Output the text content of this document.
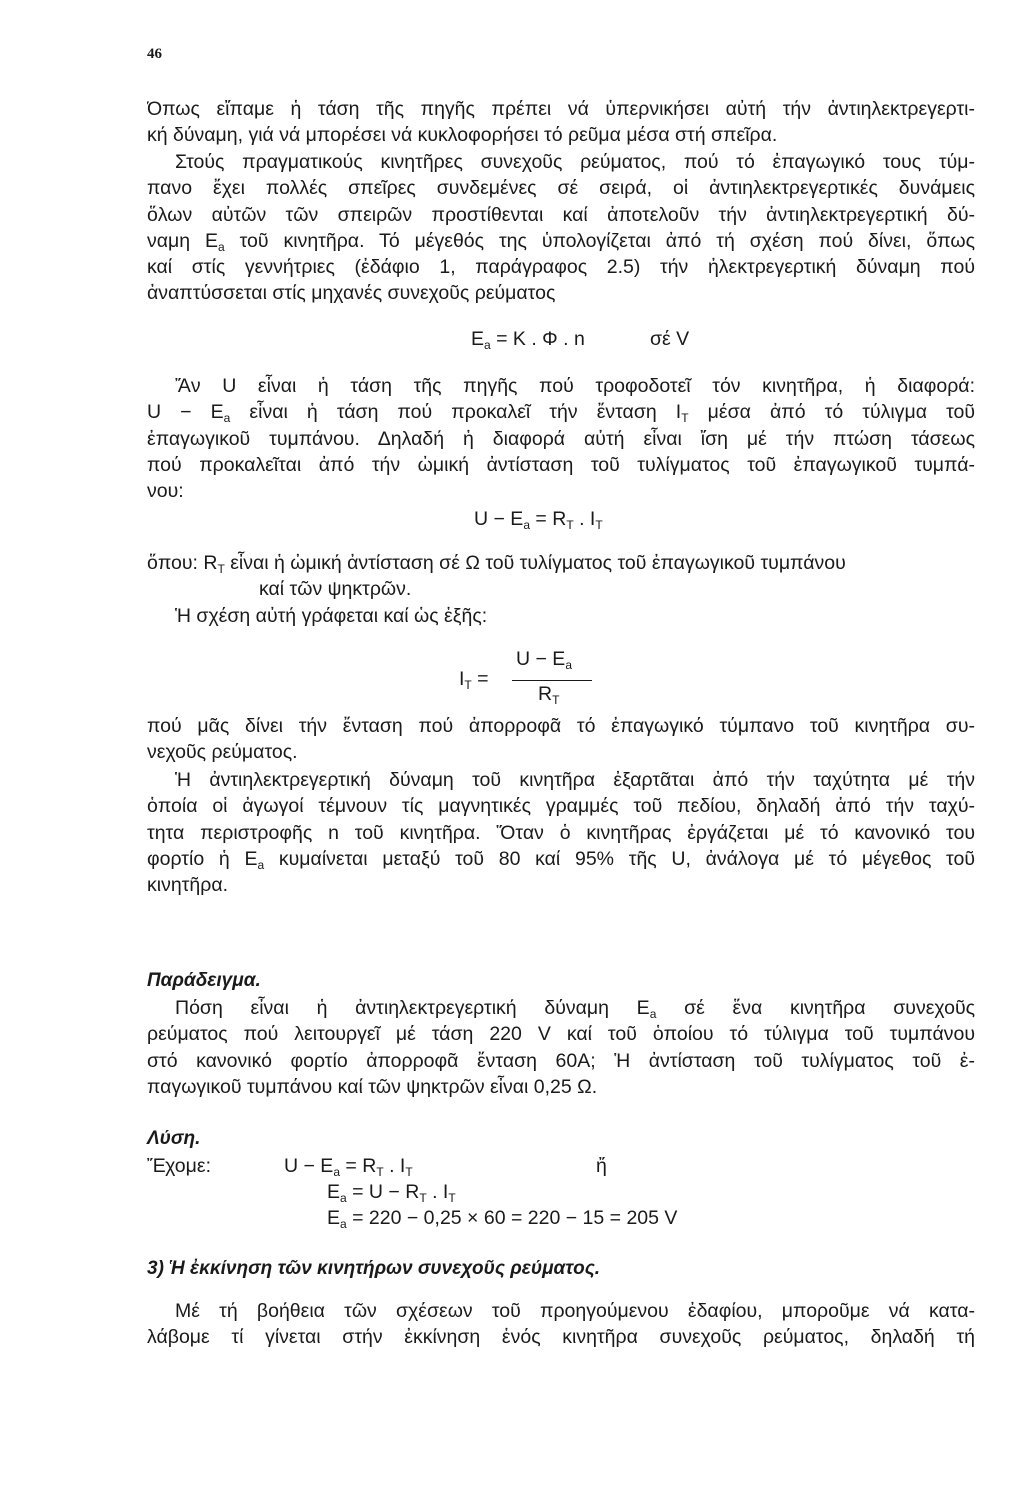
46
Όπως εἴπαμε ἡ τάση τῆς πηγῆς πρέπει νά ὑπερνικήσει αὐτή τήν ἀντιηλεκτρεγερτι-
κή δύναμη, γιά νά μπορέσει νά κυκλοφορήσει τό ρεῦμα μέσα στή σπεῖρα.
Στούς πραγματικούς κινητῆρες συνεχοῦς ρεύματος, πού τό ἐπαγωγικό τους τύμ-
πανο ἔχει πολλές σπεῖρες συνδεμένες σέ σειρά, οἱ ἀντιηλεκτρεγερτικές δυνάμεις
ὅλων αὐτῶν τῶν σπειρῶν προστίθενται καί ἀποτελοῦν τήν ἀντιηλεκτρεγερτική δύ-
ναμη $E_a$ τοῦ κινητῆρα. Τό μέγεθός της ὑπολογίζεται ἀπό τή σχέση πού δίνει, ὅπως
καί στίς γεννήτριες (ἐδάφιο 1, παράγραφος 2.5) τήν ἠλεκτρεγερτική δύναμη πού
ἀναπτύσσεται στίς μηχανές συνεχοῦς ρεύματος
$E_a = K$ . Φ . n	σέ V
Ἄν U εἶναι ἡ τάση τῆς πηγῆς πού τροφοδοτεῖ τόν κινητῆρα, ἡ διαφορά:
$U - E_a$ εἶναι ἡ τάση πού προκαλεῖ τήν ἔνταση $I_T$ μέσα ἀπό τό τύλιγμα τοῦ
ἐπαγωγικοῦ τυμπάνου. Δηλαδή ἡ διαφορά αὐτή εἶναι ἴση μέ τήν πτώση τάσεως
πού προκαλεῖται ἀπό τήν ὠμική ἀντίσταση τοῦ τυλίγματος τοῦ ἐπαγωγικοῦ τυμπά-
νου:
$U - E_a = R_T$ . $I_T$
ὅπου: $R_T$ εἶναι ἡ ὠμική ἀντίσταση σέ Ω τοῦ τυλίγματος τοῦ ἐπαγωγικοῦ τυμπάνου
καί τῶν ψηκτρῶν.
Ἡ σχέση αὐτή γράφεται καί ὡς ἑξῆς:
$I_T$ =
$U - E_a$
$R_T$
πού μᾶς δίνει τήν ἔνταση πού ἀπορροφᾶ τό ἐπαγωγικό τύμπανο τοῦ κινητῆρα συ-
νεχοῦς ρεύματος.
Ἡ ἀντιηλεκτρεγερτική δύναμη τοῦ κινητῆρα ἐξαρτᾶται ἀπό τήν ταχύτητα μέ τήν
ὁποία οἱ ἀγωγοί τέμνουν τίς μαγνητικές γραμμές τοῦ πεδίου, δηλαδή ἀπό τήν ταχύ-
τητα περιστροφῆς n τοῦ κινητῆρα. Ὅταν ὁ κινητῆρας ἐργάζεται μέ τό κανονικό του
φορτίο ἡ $E_a$ κυμαίνεται μεταξύ τοῦ 80 καί 95% τῆς U, ἀνάλογα μέ τό μέγεθος τοῦ
κινητῆρα.
Παράδειγμα.
Πόση εἶναι ἡ ἀντιηλεκτρεγερτική δύναμη $E_a$ σέ ἕνα κινητῆρα συνεχοῦς
ρεύματος πού λειτουργεῖ μέ τάση 220 V καί τοῦ ὁποίου τό τύλιγμα τοῦ τυμπάνου
στό κανονικό φορτίο ἀπορροφᾶ ἔνταση 60A; Ἡ ἀντίσταση τοῦ τυλίγματος τοῦ ἐ-
παγωγικοῦ τυμπάνου καί τῶν ψηκτρῶν εἶναι 0,25 Ω.
Λύση.
Ἔχομε:	$U - E_a = R_T$ . $I_T$	ἤ
$E_a = U - R_T$ . $I_T$
$E_a = 220 - 0,25 \times 60 = 220 - 15 = 205$ V
3) Ἡ ἐκκίνηση τῶν κινητήρων συνεχοῦς ρεύματος.
Μέ τή βοήθεια τῶν σχέσεων τοῦ προηγούμενου ἐδαφίου, μποροῦμε νά κατα-
λάβομε τί γίνεται στήν ἐκκίνηση ἑνός κινητῆρα συνεχοῦς ρεύματος, δηλαδή τή
